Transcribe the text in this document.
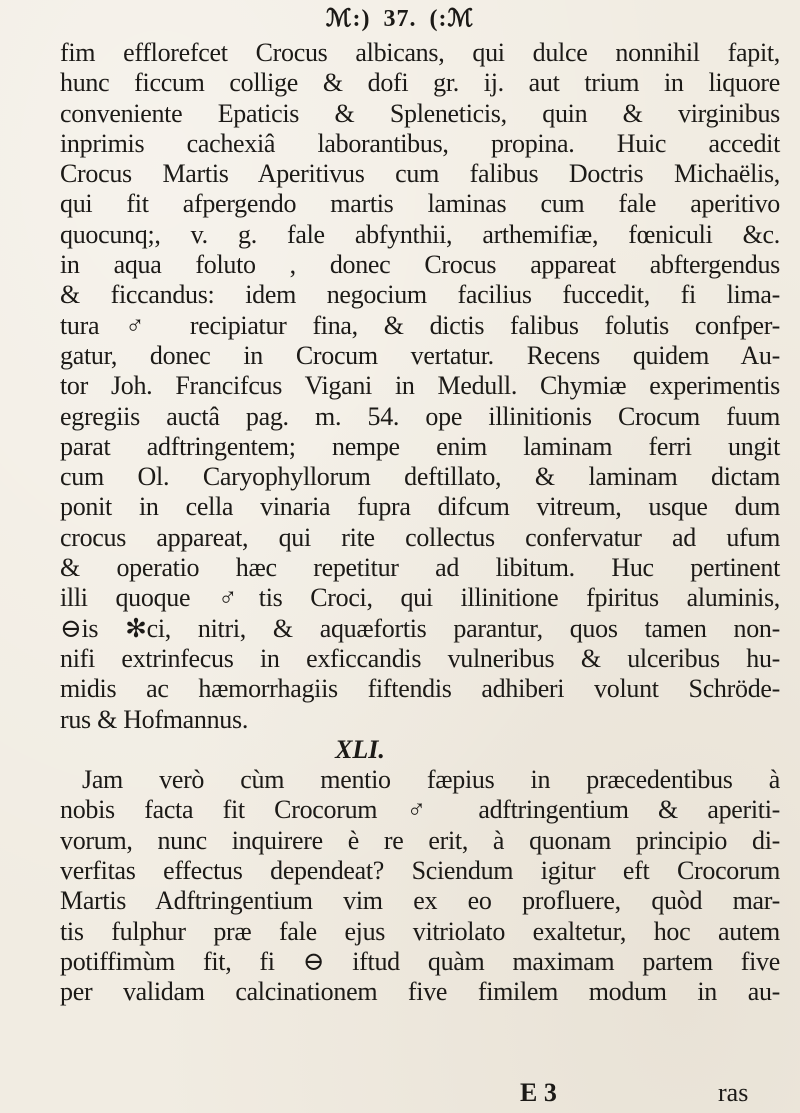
ℳ:) 37. (:ℳ
fim efflorefcet Crocus albicans, qui dulce nonnihil fapit,
hunc ficcum collige & dofi gr. ij. aut trium in liquore
conveniente Epaticis & Spleneticis, quin & virginibus
inprimis cachexiâ laborantibus, propina. Huic accedit
Crocus Martis Aperitivus cum falibus Doctris Michaëlis,
qui fit afpergendo martis laminas cum fale aperitivo
quocunq;, v. g. fale abfynthii, arthemifiæ, fœniculi &c.
in aqua foluto , donec Crocus appareat abftergendus
& ficcandus: idem negocium facilius fuccedit, fi lima-
tura ♂ recipiatur fina, & dictis falibus folutis confper-
gatur, donec in Crocum vertatur. Recens quidem Au-
tor Joh. Francifcus Vigani in Medull. Chymiæ experimentis
egregiis auctâ pag. m. 54. ope illinitionis Crocum fuum
parat adftringentem; nempe enim laminam ferri ungit
cum Ol. Caryophyllorum deftillato, & laminam dictam
ponit in cella vinaria fupra difcum vitreum, usque dum
crocus appareat, qui rite collectus confervatur ad ufum
& operatio hæc repetitur ad libitum. Huc pertinent
illi quoque ♂tis Croci, qui illinitione fpiritus aluminis,
⊖is ✻ci, nitri, & aquæfortis parantur, quos tamen non-
nifi extrinfecus in exficcandis vulneribus & ulceribus hu-
midis ac hæmorrhagiis fiftendis adhiberi volunt Schröde-
rus & Hofmannus.
XLI.
Jam verò cùm mentio fæpius in præcedentibus à
nobis facta fit Crocorum ♂ adftringentium & aperiti-
vorum, nunc inquirere è re erit, à quonam principio di-
verfitas effectus dependeat? Sciendum igitur eft Crocorum
Martis Adftringentium vim ex eo profluere, quòd mar-
tis fulphur præ fale ejus vitriolato exaltetur, hoc autem
potiffimùm fit, fi ⊖ iftud quàm maximam partem five
per validam calcinationem five fimilem modum in au-
E 3	ras
